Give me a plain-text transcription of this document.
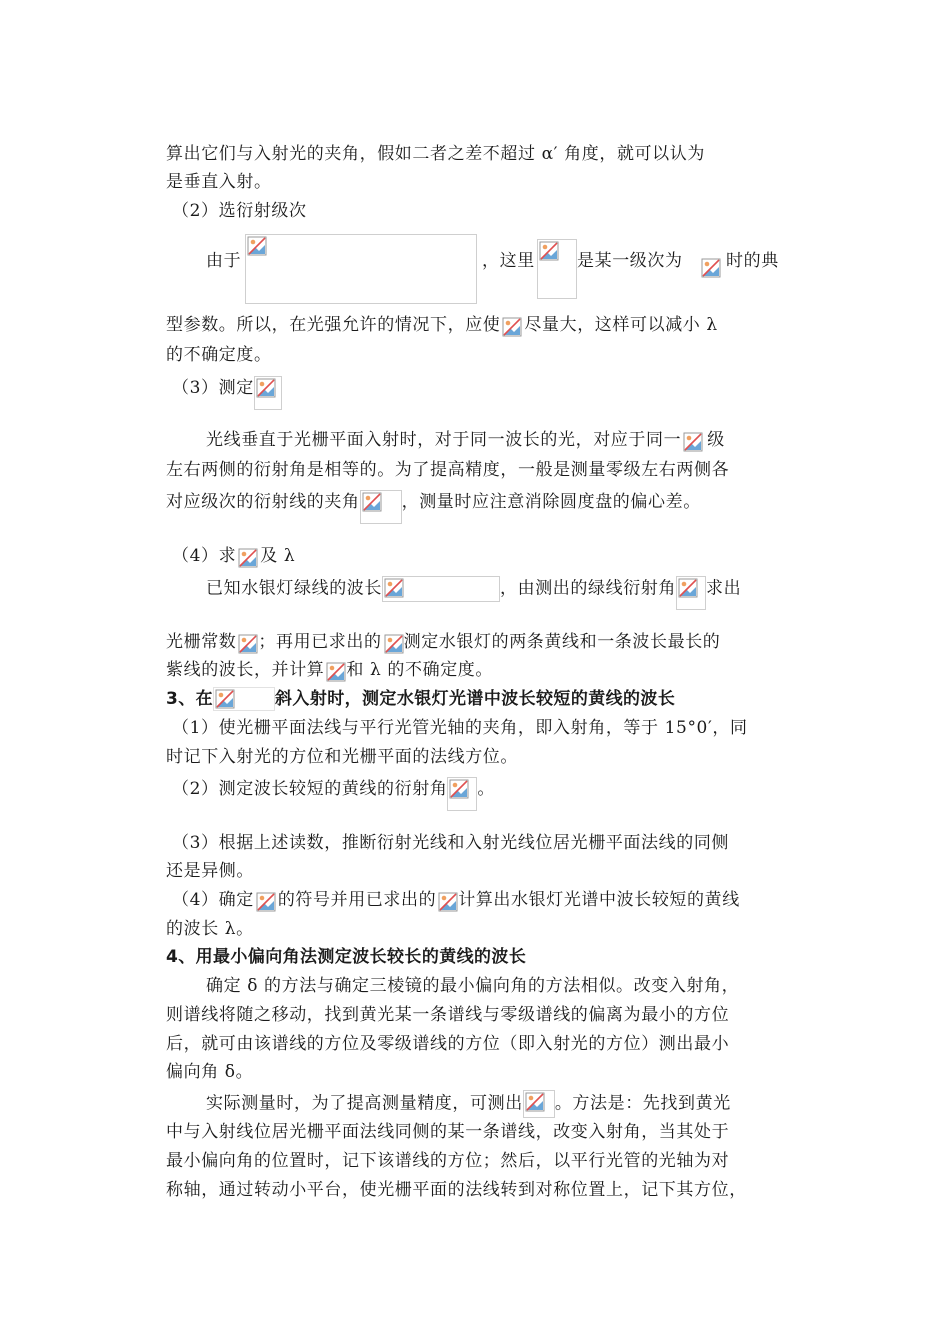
算出它们与入射光的夹角，假如二者之差不超过 α′ 角度，就可以认为
是垂直入射。
（2）选衍射级次
由于	，这里 是某一级次为	时的典
型参数。所以，在光强允许的情况下，应使 尽量大，这样可以减小 λ
的不确定度。
（3）测定
光线垂直于光栅平面入射时，对于同一波长的光，对应于同一 级
左右两侧的衍射角是相等的。为了提高精度，一般是测量零级左右两侧各
对应级次的衍射线的夹角 ，测量时应注意消除圆度盘的偏心差。
（4）求 及 λ
已知水银灯绿线的波长	，由测出的绿线衍射角 求出
光栅常数 ；再用已求出的 测定水银灯的两条黄线和一条波长最长的
紫线的波长，并计算 和 λ 的不确定度。
3、在	斜入射时，测定水银灯光谱中波长较短的黄线的波长
（1）使光栅平面法线与平行光管光轴的夹角，即入射角，等于 15°0′，同
时记下入射光的方位和光栅平面的法线方位。
（2）测定波长较短的黄线的衍射角 。
（3）根据上述读数，推断衍射光线和入射光线位居光栅平面法线的同侧
还是异侧。
（4）确定 的符号并用已求出的 计算出水银灯光谱中波长较短的黄线
的波长 λ。
4、用最小偏向角法测定波长较长的黄线的波长
确定 δ 的方法与确定三棱镜的最小偏向角的方法相似。改变入射角，
则谱线将随之移动，找到黄光某一条谱线与零级谱线的偏离为最小的方位
后，就可由该谱线的方位及零级谱线的方位（即入射光的方位）测出最小
偏向角 δ。
实际测量时，为了提高测量精度，可测出 。方法是：先找到黄光
中与入射线位居光栅平面法线同侧的某一条谱线，改变入射角，当其处于
最小偏向角的位置时，记下该谱线的方位；然后，以平行光管的光轴为对
称轴，通过转动小平台，使光栅平面的法线转到对称位置上，记下其方位，
